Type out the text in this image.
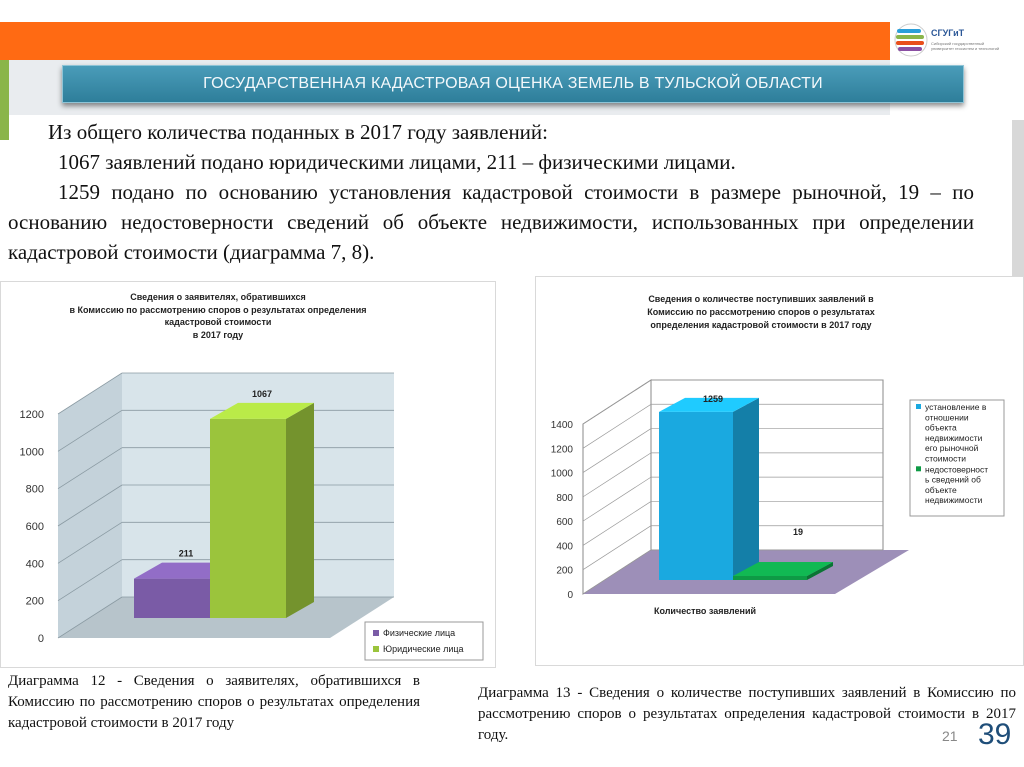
СГУГиТ
Сибирский государственный университет геосистем и технологий
ГОСУДАРСТВЕННАЯ КАДАСТРОВАЯ ОЦЕНКА ЗЕМЕЛЬ В ТУЛЬСКОЙ ОБЛАСТИ

Из общего количества поданных в 2017 году заявлений:

1067 заявлений подано юридическими лицами, 211 – физическими лицами.

1259 подано по основанию установления кадастровой стоимости в размере рыночной, 19 – по основанию недостоверности сведений об объекте недвижимости, использованных при определении кадастровой стоимости (диаграмма 7, 8).

Сведения о заявителях, обратившихся
в Комиссию по рассмотрению споров о результатах определения
кадастровой стоимости
в 2017 году
0
200
400
600
800
1000
1200
211
1067
Физические лица
Юридические лица
Сведения о количестве поступивших заявлений в
Комиссию по рассмотрению споров о результатах
определения кадастровой стоимости в 2017 году
0
200
400
600
800
1000
1200
1400
1259
19
Количество заявлений
установление в
отношении
объекта
недвижимости
его рыночной
стоимости
недостоверност
ь сведений об
объекте
недвижимости
Диаграмма 12 - Сведения о заявителях, обратившихся в Комиссию по рассмотрению споров о результатах определения кадастровой стоимости в 2017 году
Диаграмма 13 - Сведения о количестве поступивших заявлений в Комиссию по рассмотрению споров о результатах определения кадастровой стоимости в 2017 году.	21 39
